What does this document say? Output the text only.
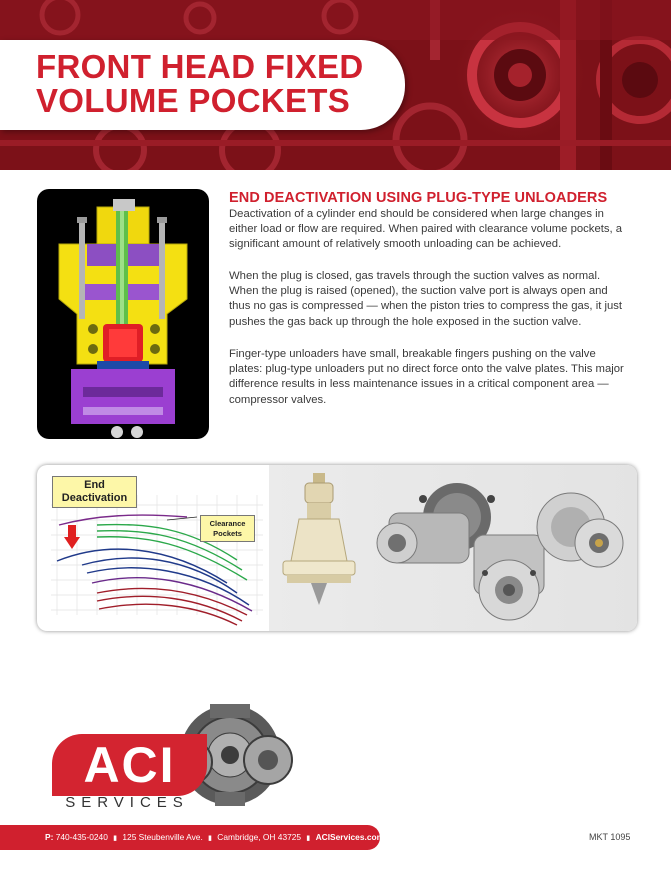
FRONT HEAD FIXED
VOLUME POCKETS
END DEACTIVATION USING PLUG-TYPE UNLOADERS
Deactivation of a cylinder end should be considered when large changes in either load or flow are required. When paired with clearance volume pockets, a significant amount of relatively smooth unloading can be achieved.
When the plug is closed, gas travels through the suction valves as normal. When the plug is raised (opened), the suction valve port is always open and thus no gas is compressed — when the piston tries to compress the gas, it just pushes the gas back up through the hole exposed in the suction valve.
Finger-type unloaders have small, breakable fingers pushing on the valve plates: plug-type unloaders put no direct force onto the valve plates. This major difference results in less maintenance issues in a critical component area — compressor valves.
End
Deactivation
Clearance
Pockets
ACI
SERVICES
P: 740-435-0240 ▮ 125 Steubenville Ave. ▮ Cambridge, OH 43725 ▮ ACIServices.com	MKT 1095
